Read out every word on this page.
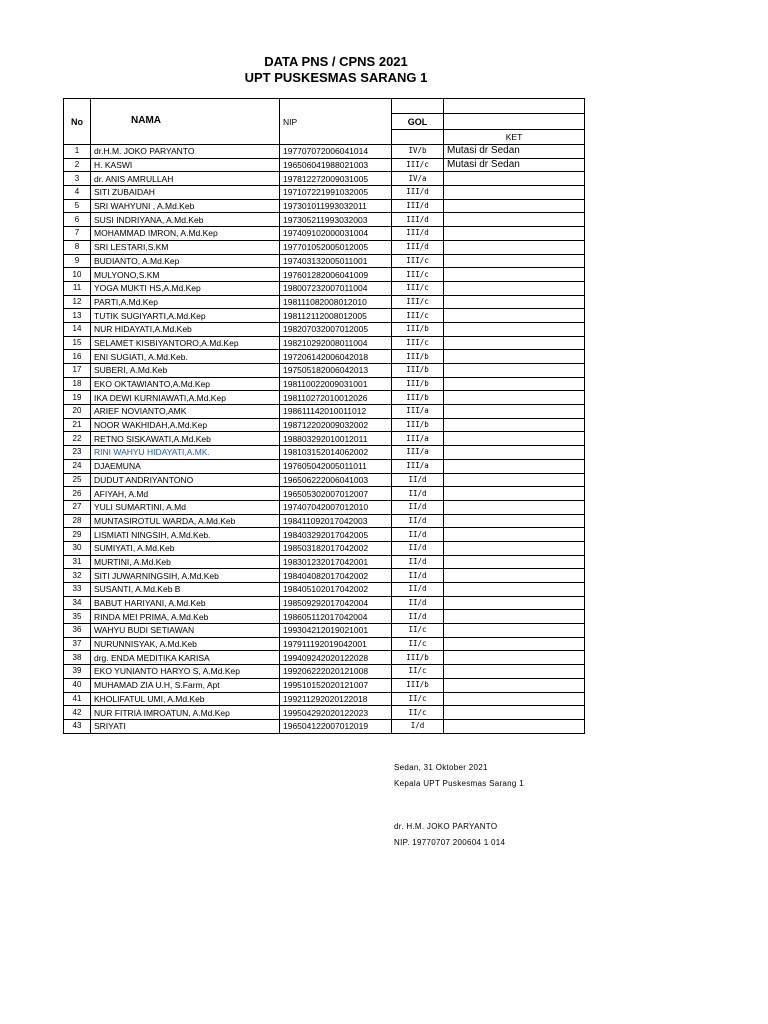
DATA PNS / CPNS 2021
UPT PUSKESMAS SARANG 1
No	NAMA	NIP		
			GOL	
				KET
1	dr.H.M. JOKO PARYANTO	197707072006041014	IV/b	Mutasi dr Sedan
2	H. KASWI	196506041988021003	III/c	Mutasi dr Sedan
3	dr. ANIS AMRULLAH	197812272009031005	IV/a	
4	SITI ZUBAIDAH	197107221991032005	III/d	
5	SRI WAHYUNI , A.Md.Keb	197301011993032011	III/d	
6	SUSI INDRIYANA, A.Md.Keb	197305211993032003	III/d	
7	MOHAMMAD IMRON, A.Md.Kep	197409102000031004	III/d	
8	SRI LESTARI,S.KM	197701052005012005	III/d	
9	BUDIANTO, A.Md.Kep	197403132005011001	III/c	
10	MULYONO,S.KM	197601282006041009	III/c	
11	YOGA MUKTI HS,A.Md.Kep	198007232007011004	III/c	
12	PARTI,A.Md.Kep	198111082008012010	III/c	
13	TUTIK SUGIYARTI,A.Md.Kep	198112112008012005	III/c	
14	NUR HIDAYATI,A.Md.Keb	198207032007012005	III/b	
15	SELAMET KISBIYANTORO,A.Md.Kep	198210292008011004	III/c	
16	ENI SUGIATI, A.Md.Keb.	197206142006042018	III/b	
17	SUBERI, A.Md.Keb	197505182006042013	III/b	
18	EKO OKTAWIANTO,A.Md.Kep	198110022009031001	III/b	
19	IKA DEWI KURNIAWATI,A.Md.Kep	198110272010012026	III/b	
20	ARIEF NOVIANTO,AMK	198611142010011012	III/a	
21	NOOR WAKHIDAH,A.Md.Kep	198712202009032002	III/b	
22	RETNO SISKAWATI,A.Md.Keb	198803292010012011	III/a	
23	RINI WAHYU HIDAYATI,A.MK.	198103152014062002	III/a	
24	DJAEMUNA	197605042005011011	III/a	
25	DUDUT ANDRIYANTONO	196506222006041003	II/d	
26	AFIYAH, A.Md	196505302007012007	II/d	
27	YULI SUMARTINI, A.Md	197407042007012010	II/d	
28	MUNTASIROTUL WARDA, A.Md.Keb	198411092017042003	II/d	
29	LISMIATI NINGSIH, A.Md.Keb.	198403292017042005	II/d	
30	SUMIYATI, A.Md.Keb	198503182017042002	II/d	
31	MURTINI, A.Md.Keb	198301232017042001	II/d	
32	SITI JUWARNINGSIH, A.Md.Keb	198404082017042002	II/d	
33	SUSANTI, A.Md.Keb B	198405102017042002	II/d	
34	BABUT HARIYANI, A.Md.Keb	198509292017042004	II/d	
35	RINDA MEI PRIMA, A.Md.Keb	198605112017042004	II/d	
36	WAHYU BUDI SETIAWAN	199304212019021001	II/c	
37	NURUNNISYAK, A.Md.Keb	197911192019042001	II/c	
38	drg. ENDA MEDITIKA KARISA	199409242020122028	III/b	
39	EKO YUNIANTO HARYO S, A.Md.Kep	199206222020121008	II/c	
40	MUHAMAD ZIA U.H, S.Farm, Apt	199510152020121007	III/b	
41	KHOLIFATUL UMI, A.Md.Keb	199211292020122018	II/c	
42	NUR FITRIA IMROATUN, A.Md.Kep	199504292020122023	II/c	
43	SRIYATI	196504122007012019	I/d	
Sedan, 31 Oktober 2021
Kepala UPT Puskesmas Sarang 1
dr. H.M. JOKO PARYANTO
NIP. 19770707 200604 1 014
